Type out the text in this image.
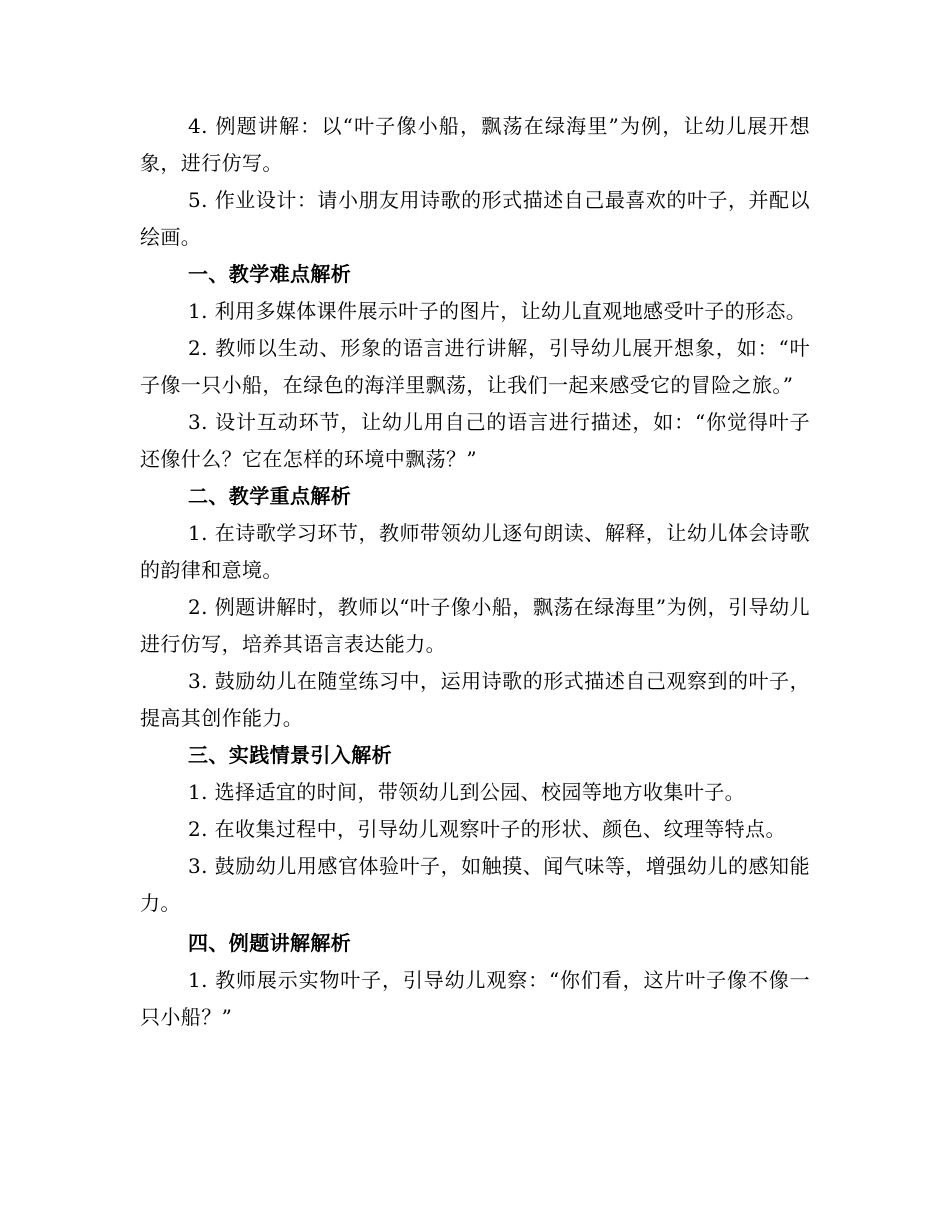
4. 例题讲解：以“叶子像小船，飘荡在绿海里”为例，让幼儿展开想象，进行仿写。

5. 作业设计：请小朋友用诗歌的形式描述自己最喜欢的叶子，并配以绘画。

一、教学难点解析

1. 利用多媒体课件展示叶子的图片，让幼儿直观地感受叶子的形态。

2. 教师以生动、形象的语言进行讲解，引导幼儿展开想象，如：“叶子像一只小船，在绿色的海洋里飘荡，让我们一起来感受它的冒险之旅。”

3. 设计互动环节，让幼儿用自己的语言进行描述，如：“你觉得叶子还像什么？它在怎样的环境中飘荡？”

二、教学重点解析

1. 在诗歌学习环节，教师带领幼儿逐句朗读、解释，让幼儿体会诗歌的韵律和意境。

2. 例题讲解时，教师以“叶子像小船，飘荡在绿海里”为例，引导幼儿进行仿写，培养其语言表达能力。

3. 鼓励幼儿在随堂练习中，运用诗歌的形式描述自己观察到的叶子，提高其创作能力。

三、实践情景引入解析

1. 选择适宜的时间，带领幼儿到公园、校园等地方收集叶子。

2. 在收集过程中，引导幼儿观察叶子的形状、颜色、纹理等特点。

3. 鼓励幼儿用感官体验叶子，如触摸、闻气味等，增强幼儿的感知能力。

四、例题讲解解析

1. 教师展示实物叶子，引导幼儿观察：“你们看，这片叶子像不像一只小船？”
